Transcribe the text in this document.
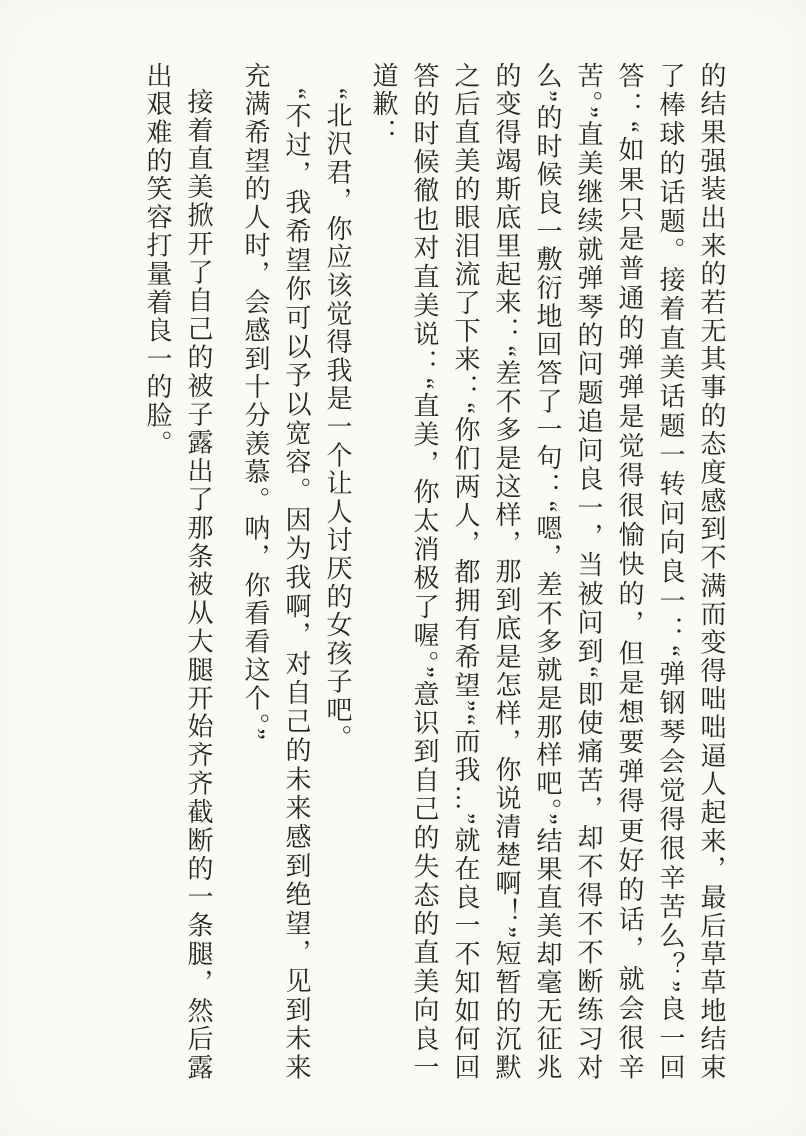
的结果强装出来的若无其事的态度感到不满而变得咄咄逼人起来，最后草草地结束了棒球的话题。接着直美话题一转问向良一：“弹钢琴会觉得很辛苦么？”良一回答：“如果只是普通的弹弹是觉得很愉快的，但是想要弹得更好的话，就会很辛苦。”直美继续就弹琴的问题追问良一，当被问到“即使痛苦，却不得不不断练习对么”的时候良一敷衍地回答了一句：“嗯，差不多就是那样吧。”结果直美却毫无征兆的变得竭斯底里起来：“差不多是这样，那到底是怎样，你说清楚啊！”短暂的沉默之后直美的眼泪流了下来：“你们两人，都拥有希望”“而我…”就在良一不知如何回答的时候徹也对直美说：“直美，你太消极了喔。”意识到自己的失态的直美向良一道歉：

“北沢君，你应该觉得我是一个让人讨厌的女孩子吧。

“不过，我希望你可以予以宽容。因为我啊，对自己的未来感到绝望，见到未来充满希望的人时，会感到十分羡慕。呐，你看看这个。”

接着直美掀开了自己的被子露出了那条被从大腿开始齐齐截断的一条腿，然后露出艰难的笑容打量着良一的脸。
